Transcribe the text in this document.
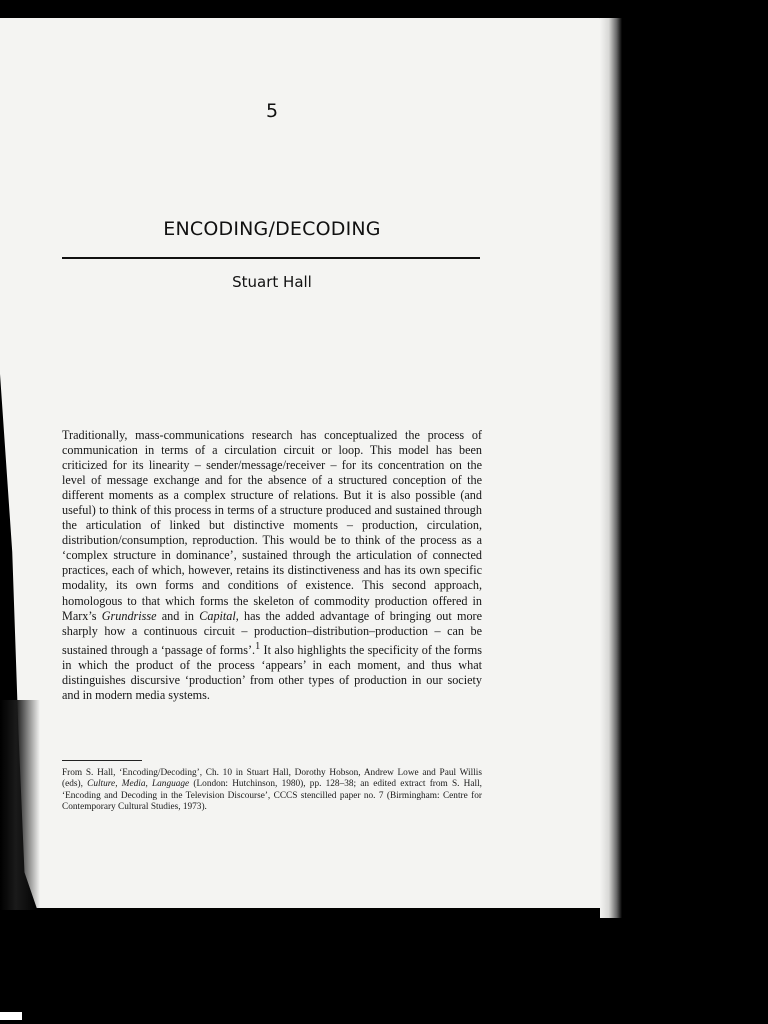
5
ENCODING/DECODING
Stuart Hall
Traditionally, mass-communications research has conceptualized the process of communication in terms of a circulation circuit or loop. This model has been criticized for its linearity – sender/message/receiver – for its concentration on the level of message exchange and for the absence of a structured conception of the different moments as a complex structure of relations. But it is also possible (and useful) to think of this process in terms of a structure produced and sustained through the articulation of linked but distinctive moments – production, circulation, distribution/consumption, reproduction. This would be to think of the process as a ‘complex structure in dominance’, sustained through the articulation of connected practices, each of which, however, retains its distinctiveness and has its own specific modality, its own forms and conditions of existence. This second approach, homologous to that which forms the skeleton of commodity production offered in Marx’s Grundrisse and in Capital, has the added advantage of bringing out more sharply how a continuous circuit – production–distribution–production – can be sustained through a ‘passage of forms’.$^1$ It also highlights the specificity of the forms in which the product of the process ‘appears’ in each moment, and thus what distinguishes discursive ‘production’ from other types of production in our society and in modern media systems.
From S. Hall, ‘Encoding/Decoding’, Ch. 10 in Stuart Hall, Dorothy Hobson, Andrew Lowe and Paul Willis (eds), Culture, Media, Language (London: Hutchinson, 1980), pp. 128–38; an edited extract from S. Hall, ‘Encoding and Decoding in the Television Discourse’, CCCS stencilled paper no. 7 (Birmingham: Centre for Contemporary Cultural Studies, 1973).
